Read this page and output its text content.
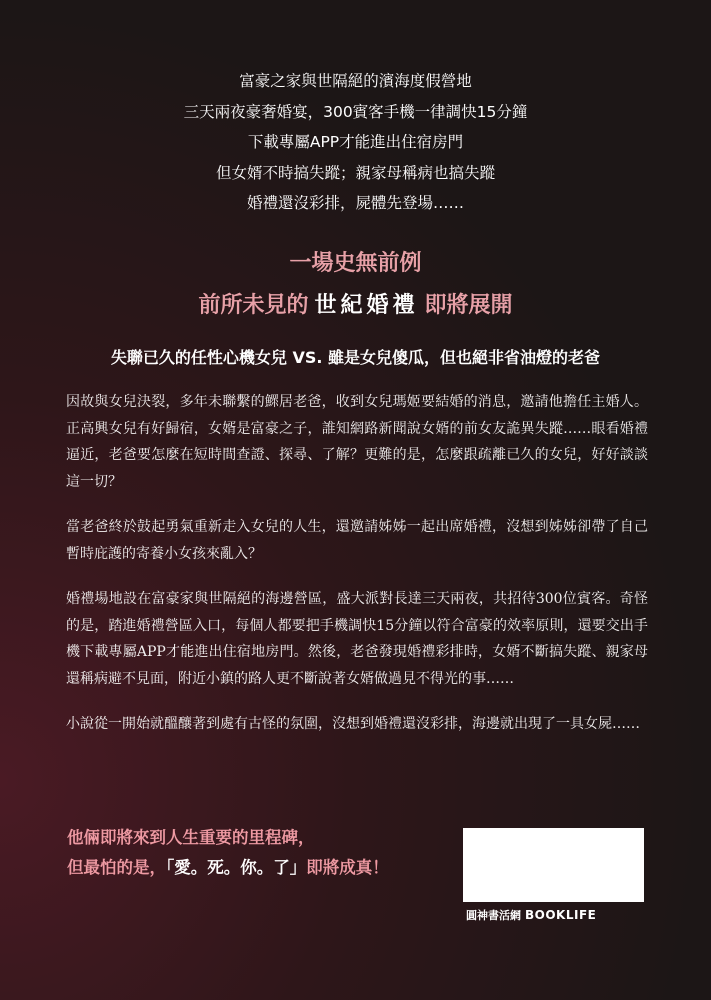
富豪之家與世隔絕的濱海度假營地
三天兩夜豪奢婚宴，300賓客手機一律調快15分鐘
下載專屬APP才能進出住宿房門
但女婿不時搞失蹤；親家母稱病也搞失蹤
婚禮還沒彩排，屍體先登場……
一場史無前例
前所未見的 世紀婚禮 即將展開
失聯已久的任性心機女兒 VS. 雖是女兒傻瓜，但也絕非省油燈的老爸

因故與女兒決裂，多年未聯繫的鰥居老爸，收到女兒瑪姬要結婚的消息，邀請他擔任主婚人。正高興女兒有好歸宿，女婿是富豪之子，誰知網路新聞說女婿的前女友詭異失蹤……眼看婚禮逼近，老爸要怎麼在短時間查證、探尋、了解？更難的是，怎麼跟疏離已久的女兒，好好談談這一切？

當老爸終於鼓起勇氣重新走入女兒的人生，還邀請姊姊一起出席婚禮，沒想到姊姊卻帶了自己暫時庇護的寄養小女孩來亂入？

婚禮場地設在富豪家與世隔絕的海邊營區，盛大派對長達三天兩夜，共招待300位賓客。奇怪的是，踏進婚禮營區入口，每個人都要把手機調快15分鐘以符合富豪的效率原則，還要交出手機下載專屬APP才能進出住宿地房門。然後，老爸發現婚禮彩排時，女婿不斷搞失蹤、親家母還稱病避不見面，附近小鎮的路人更不斷說著女婿做過見不得光的事……

小說從一開始就醞釀著到處有古怪的氛圍，沒想到婚禮還沒彩排，海邊就出現了一具女屍……

他倆即將來到人生重要的里程碑，
但最怕的是，「愛。死。你。了」即將成真！
圓神書活網 BOOKLIFE
